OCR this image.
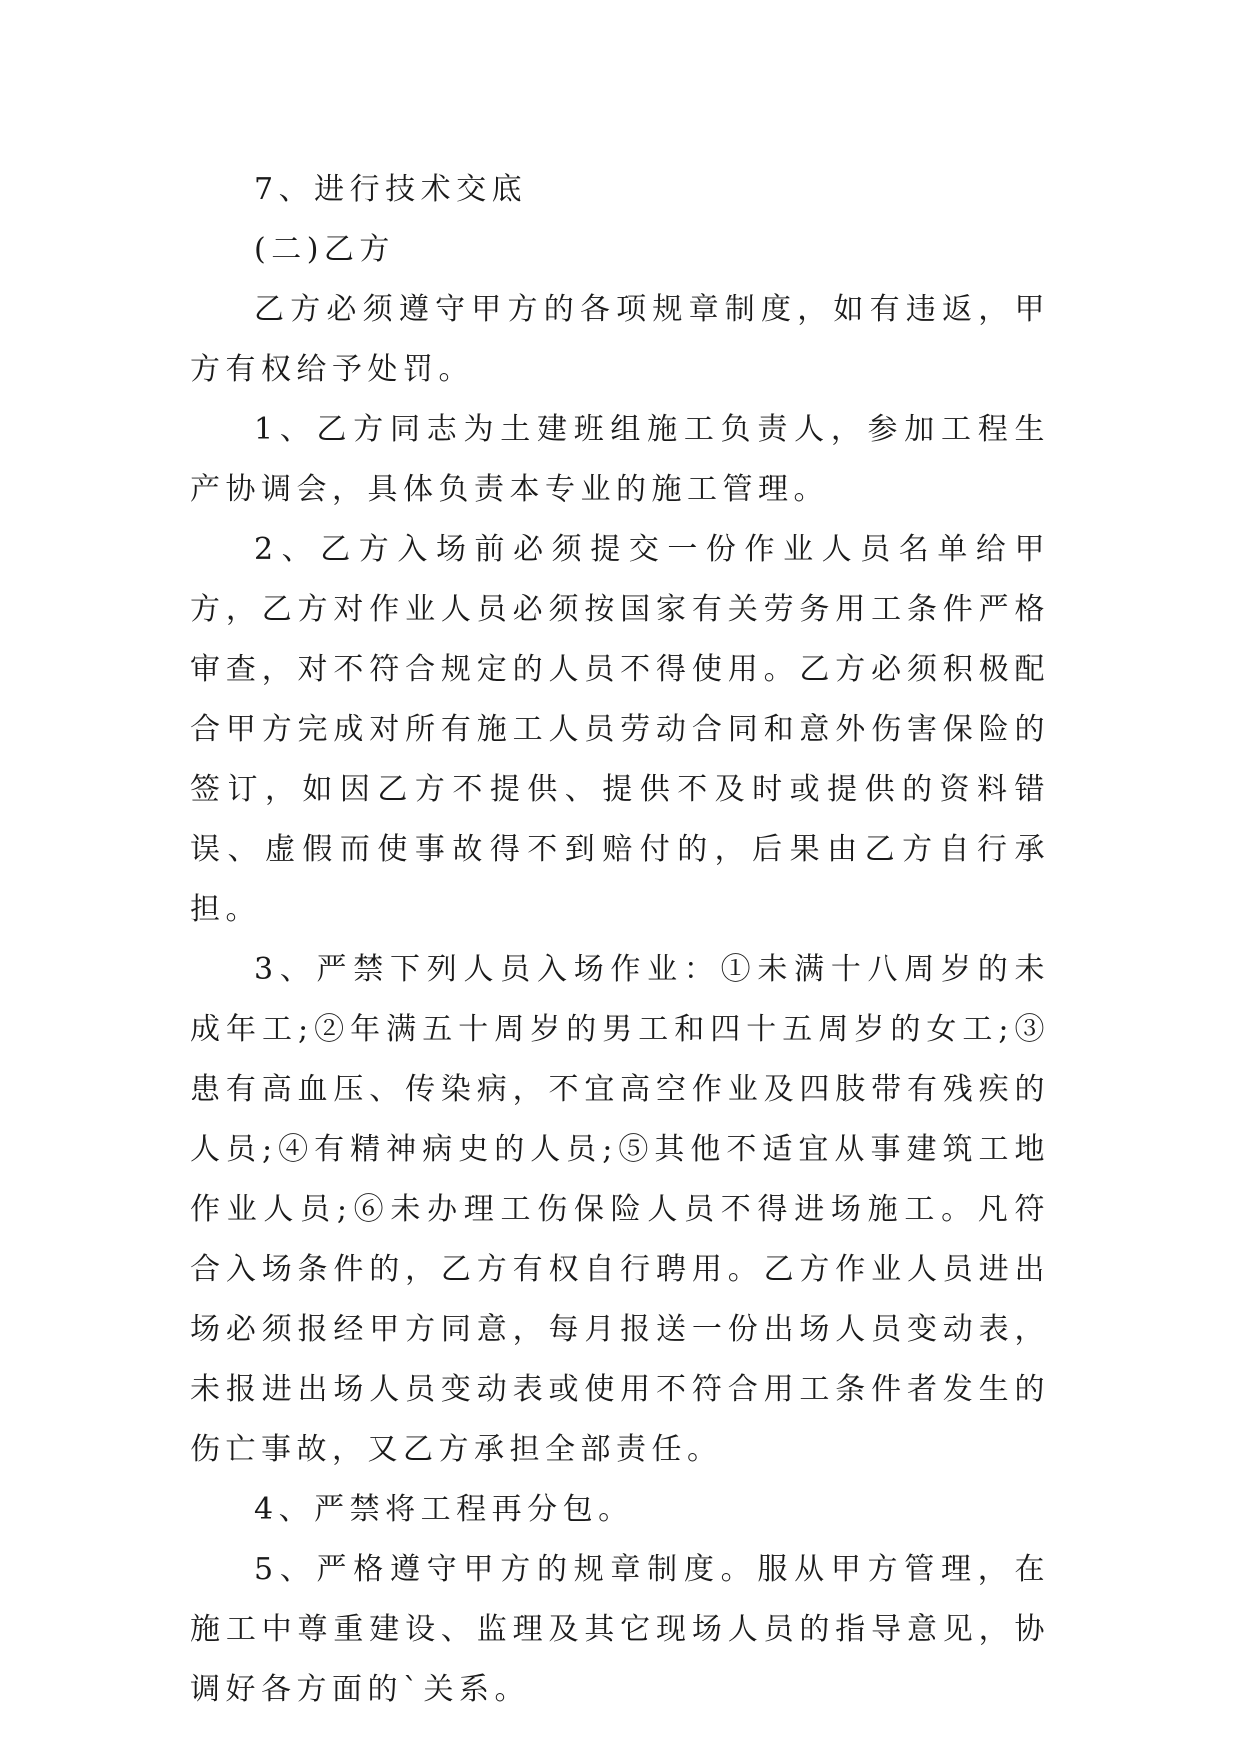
7、进行技术交底

(二)乙方

乙方必须遵守甲方的各项规章制度，如有违返，甲方有权给予处罚。

1、乙方同志为土建班组施工负责人，参加工程生产协调会，具体负责本专业的施工管理。

2、乙方入场前必须提交一份作业人员名单给甲方，乙方对作业人员必须按国家有关劳务用工条件严格审查，对不符合规定的人员不得使用。乙方必须积极配合甲方完成对所有施工人员劳动合同和意外伤害保险的签订，如因乙方不提供、提供不及时或提供的资料错误、虚假而使事故得不到赔付的，后果由乙方自行承担。

3、严禁下列人员入场作业：①未满十八周岁的未成年工;②年满五十周岁的男工和四十五周岁的女工;③患有高血压、传染病，不宜高空作业及四肢带有残疾的人员;④有精神病史的人员;⑤其他不适宜从事建筑工地作业人员;⑥未办理工伤保险人员不得进场施工。凡符合入场条件的，乙方有权自行聘用。乙方作业人员进出场必须报经甲方同意，每月报送一份出场人员变动表，未报进出场人员变动表或使用不符合用工条件者发生的伤亡事故，又乙方承担全部责任。

4、严禁将工程再分包。

5、严格遵守甲方的规章制度。服从甲方管理，在施工中尊重建设、监理及其它现场人员的指导意见，协调好各方面的`关系。
